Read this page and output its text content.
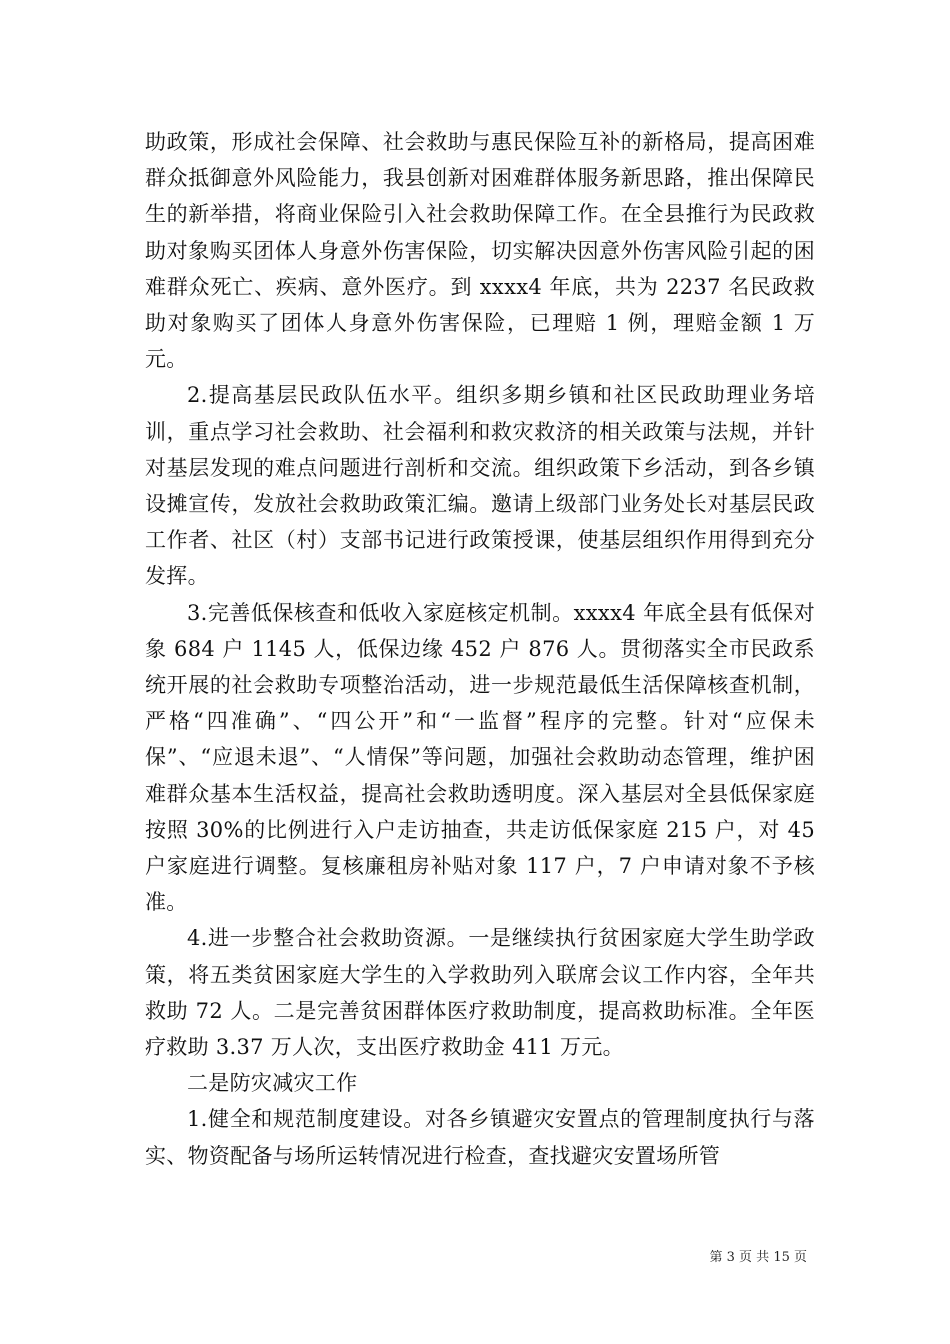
助政策，形成社会保障、社会救助与惠民保险互补的新格局，提高困难群众抵御意外风险能力，我县创新对困难群体服务新思路，推出保障民生的新举措，将商业保险引入社会救助保障工作。在全县推行为民政救助对象购买团体人身意外伤害保险，切实解决因意外伤害风险引起的困难群众死亡、疾病、意外医疗。到 xxxx4 年底，共为 2237 名民政救助对象购买了团体人身意外伤害保险，已理赔 1 例，理赔金额 1 万元。

2.提高基层民政队伍水平。组织多期乡镇和社区民政助理业务培训，重点学习社会救助、社会福利和救灾救济的相关政策与法规，并针对基层发现的难点问题进行剖析和交流。组织政策下乡活动，到各乡镇设摊宣传，发放社会救助政策汇编。邀请上级部门业务处长对基层民政工作者、社区（村）支部书记进行政策授课，使基层组织作用得到充分发挥。

3.完善低保核查和低收入家庭核定机制。xxxx4 年底全县有低保对象 684 户 1145 人，低保边缘 452 户 876 人。贯彻落实全市民政系统开展的社会救助专项整治活动，进一步规范最低生活保障核查机制，严格“四准确”、“四公开”和“一监督”程序的完整。针对“应保未保”、“应退未退”、“人情保”等问题，加强社会救助动态管理，维护困难群众基本生活权益，提高社会救助透明度。深入基层对全县低保家庭按照 30%的比例进行入户走访抽查，共走访低保家庭 215 户，对 45 户家庭进行调整。复核廉租房补贴对象 117 户，7 户申请对象不予核准。

4.进一步整合社会救助资源。一是继续执行贫困家庭大学生助学政策，将五类贫困家庭大学生的入学救助列入联席会议工作内容，全年共救助 72 人。二是完善贫困群体医疗救助制度，提高救助标准。全年医疗救助 3.37 万人次，支出医疗救助金 411 万元。

二是防灾减灾工作

1.健全和规范制度建设。对各乡镇避灾安置点的管理制度执行与落实、物资配备与场所运转情况进行检查，查找避灾安置场所管

第 3 页 共 15 页
